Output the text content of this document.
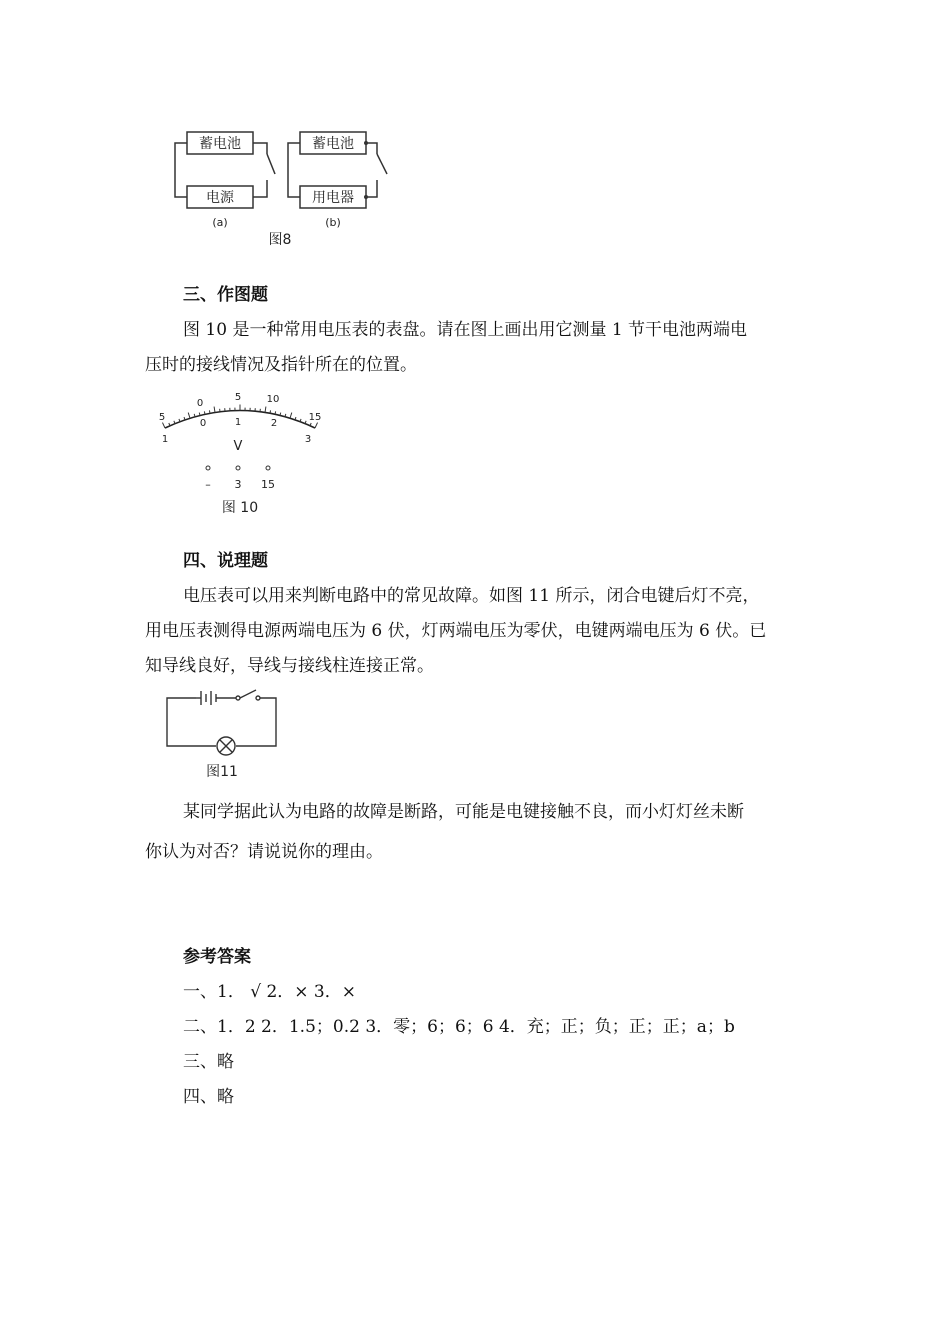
蓄电池
电源
(a)
蓄电池
用电器
(b)
图8
三、作图题
图 10 是一种常用电压表的表盘。请在图上画出用它测量 1 节干电池两端电
压时的接线情况及指针所在的位置。
5
0
5	10
15
1
0	1	2
3
V
– 3 15
图 10
四、说理题
电压表可以用来判断电路中的常见故障。如图 11 所示，闭合电键后灯不亮，
用电压表测得电源两端电压为 6 伏，灯两端电压为零伏，电键两端电压为 6 伏。已
知导线良好，导线与接线柱连接正常。
图11
某同学据此认为电路的故障是断路，可能是电键接触不良，而小灯灯丝未断
你认为对否？请说说你的理由。
参考答案
一、1． √ 2．× 3．×
二、1．2 2．1.5；0.2 3．零；6；6；6 4．充；正；负；正；正；a；b
三、略
四、略
